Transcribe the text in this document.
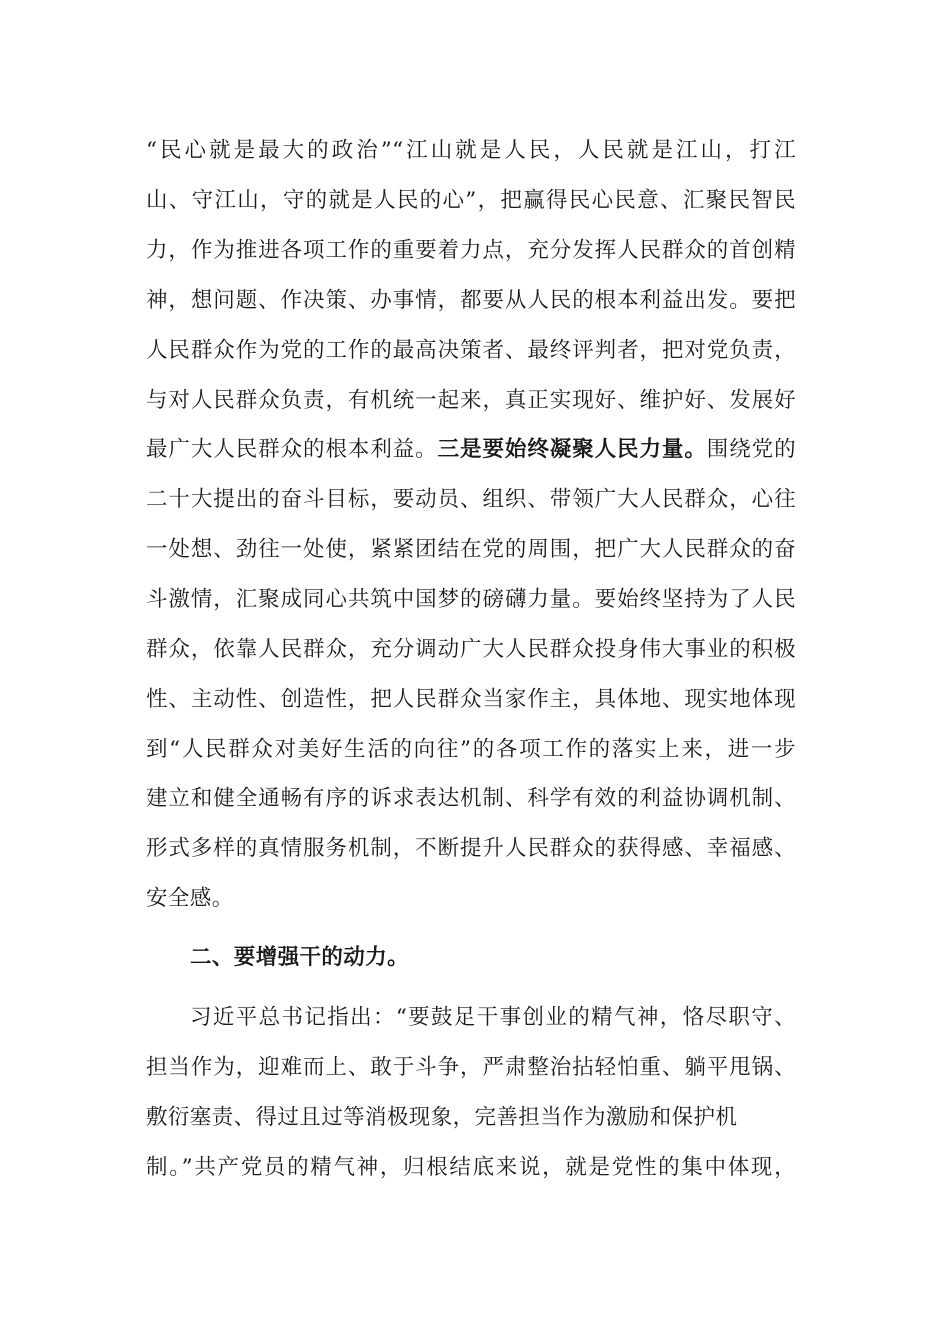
“民心就是最大的政治”“江山就是人民，人民就是江山，打江
山、守江山，守的就是人民的心”，把赢得民心民意、汇聚民智民
力，作为推进各项工作的重要着力点，充分发挥人民群众的首创精
神，想问题、作决策、办事情，都要从人民的根本利益出发。要把
人民群众作为党的工作的最高决策者、最终评判者，把对党负责，
与对人民群众负责，有机统一起来，真正实现好、维护好、发展好
最广大人民群众的根本利益。三是要始终凝聚人民力量。围绕党的
二十大提出的奋斗目标，要动员、组织、带领广大人民群众，心往
一处想、劲往一处使，紧紧团结在党的周围，把广大人民群众的奋
斗激情，汇聚成同心共筑中国梦的磅礴力量。要始终坚持为了人民
群众，依靠人民群众，充分调动广大人民群众投身伟大事业的积极
性、主动性、创造性，把人民群众当家作主，具体地、现实地体现
到“人民群众对美好生活的向往”的各项工作的落实上来，进一步
建立和健全通畅有序的诉求表达机制、科学有效的利益协调机制、
形式多样的真情服务机制，不断提升人民群众的获得感、幸福感、
安全感。
二、要增强干的动力。
习近平总书记指出：“要鼓足干事创业的精气神，恪尽职守、
担当作为，迎难而上、敢于斗争，严肃整治拈轻怕重、躺平甩锅、
敷衍塞责、得过且过等消极现象，完善担当作为激励和保护机
制。”共产党员的精气神，归根结底来说，就是党性的集中体现，
